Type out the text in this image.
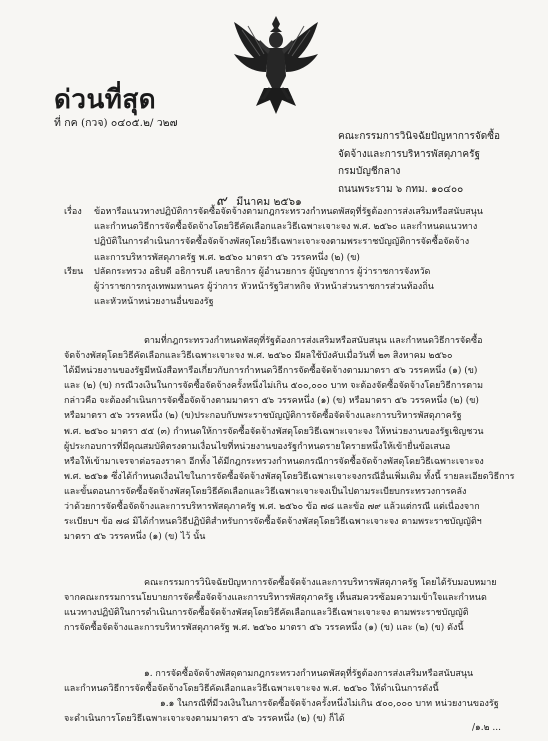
ด่วนที่สุด
ที่ กค (กวจ) ๐๔๐๕.๒/ ว๒๗
คณะกรรมการวินิจฉัยปัญหาการจัดซื้อ
จัดจ้างและการบริหารพัสดุภาครัฐ
กรมบัญชีกลาง
ถนนพระราม ๖ กทม. ๑๐๔๐๐
๙ มีนาคม ๒๕๖๑
เรื่อง ข้อหารือแนวทางปฏิบัติการจัดซื้อจัดจ้างตามกฎกระทรวงกำหนดพัสดุที่รัฐต้องการส่งเสริมหรือสนับสนุน
และกำหนดวิธีการจัดซื้อจัดจ้างโดยวิธีคัดเลือกและวิธีเฉพาะเจาะจง พ.ศ. ๒๕๖๐ และกำหนดแนวทาง
ปฏิบัติในการดำเนินการจัดซื้อจัดจ้างพัสดุโดยวิธีเฉพาะเจาะจงตามพระราชบัญญัติการจัดซื้อจัดจ้าง
และการบริหารพัสดุภาครัฐ พ.ศ. ๒๕๖๐ มาตรา ๕๖ วรรคหนึ่ง (๒) (ข)
เรียน ปลัดกระทรวง อธิบดี อธิการบดี เลขาธิการ ผู้อำนวยการ ผู้บัญชาการ ผู้ว่าราชการจังหวัด
ผู้ว่าราชการกรุงเทพมหานคร ผู้ว่าการ หัวหน้ารัฐวิสาหกิจ หัวหน้าส่วนราชการส่วนท้องถิ่น
และหัวหน้าหน่วยงานอื่นของรัฐ
ตามที่กฎกระทรวงกำหนดพัสดุที่รัฐต้องการส่งเสริมหรือสนับสนุน และกำหนดวิธีการจัดซื้อ
จัดจ้างพัสดุโดยวิธีคัดเลือกและวิธีเฉพาะเจาะจง พ.ศ. ๒๕๖๐ มีผลใช้บังคับเมื่อวันที่ ๒๓ สิงหาคม ๒๕๖๐
ได้มีหน่วยงานของรัฐมีหนังสือหารือเกี่ยวกับการกำหนดวิธีการจัดซื้อจัดจ้างตามมาตรา ๕๖ วรรคหนึ่ง (๑) (ข)
และ (๒) (ข) กรณีวงเงินในการจัดซื้อจัดจ้างครั้งหนึ่งไม่เกิน ๕๐๐,๐๐๐ บาท จะต้องจัดซื้อจัดจ้างโดยวิธีการตาม
กล่าวคือ จะต้องดำเนินการจัดซื้อจัดจ้างตามมาตรา ๕๖ วรรคหนึ่ง (๑) (ข) หรือมาตรา ๕๖ วรรคหนึ่ง (๒) (ข)
หรือมาตรา ๕๖ วรรคหนึ่ง (๒) (ข)ประกอบกับพระราชบัญญัติการจัดซื้อจัดจ้างและการบริหารพัสดุภาครัฐ
พ.ศ. ๒๕๖๐ มาตรา ๕๕ (๓) กำหนดให้การจัดซื้อจัดจ้างพัสดุโดยวิธีเฉพาะเจาะจง ให้หน่วยงานของรัฐเชิญชวน
ผู้ประกอบการที่มีคุณสมบัติตรงตามเงื่อนไขที่หน่วยงานของรัฐกำหนดรายใดรายหนึ่งให้เข้ายื่นข้อเสนอ
หรือให้เข้ามาเจรจาต่อรองราคา อีกทั้ง ได้มีกฎกระทรวงกำหนดกรณีการจัดซื้อจัดจ้างพัสดุโดยวิธีเฉพาะเจาะจง
พ.ศ. ๒๕๖๑ ซึ่งได้กำหนดเงื่อนไขในการจัดซื้อจัดจ้างพัสดุโดยวิธีเฉพาะเจาะจงกรณีอื่นเพิ่มเติม ทั้งนี้ รายละเอียดวิธีการ
และขั้นตอนการจัดซื้อจัดจ้างพัสดุโดยวิธีคัดเลือกและวิธีเฉพาะเจาะจงเป็นไปตามระเบียบกระทรวงการคลัง
ว่าด้วยการจัดซื้อจัดจ้างและการบริหารพัสดุภาครัฐ พ.ศ. ๒๕๖๐ ข้อ ๗๘ และข้อ ๗๙ แล้วแต่กรณี แต่เนื่องจาก
ระเบียบฯ ข้อ ๗๘ มิได้กำหนดวิธีปฏิบัติสำหรับการจัดซื้อจัดจ้างพัสดุโดยวิธีเฉพาะเจาะจง ตามพระราชบัญญัติฯ
มาตรา ๕๖ วรรคหนึ่ง (๑) (ข) ไว้ นั้น
คณะกรรมการวินิจฉัยปัญหาการจัดซื้อจัดจ้างและการบริหารพัสดุภาครัฐ โดยได้รับมอบหมาย
จากคณะกรรมการนโยบายการจัดซื้อจัดจ้างและการบริหารพัสดุภาครัฐ เห็นสมควรซ้อมความเข้าใจและกำหนด
แนวทางปฏิบัติในการดำเนินการจัดซื้อจัดจ้างพัสดุโดยวิธีคัดเลือกและวิธีเฉพาะเจาะจง ตามพระราชบัญญัติ
การจัดซื้อจัดจ้างและการบริหารพัสดุภาครัฐ พ.ศ. ๒๕๖๐ มาตรา ๕๖ วรรคหนึ่ง (๑) (ข) และ (๒) (ข) ดังนี้
๑. การจัดซื้อจัดจ้างพัสดุตามกฎกระทรวงกำหนดพัสดุที่รัฐต้องการส่งเสริมหรือสนับสนุน
และกำหนดวิธีการจัดซื้อจัดจ้างโดยวิธีคัดเลือกและวิธีเฉพาะเจาะจง พ.ศ. ๒๕๖๐ ให้ดำเนินการดังนี้
๑.๑ ในกรณีที่มีวงเงินในการจัดซื้อจัดจ้างครั้งหนึ่งไม่เกิน ๕๐๐,๐๐๐ บาท หน่วยงานของรัฐ
จะดำเนินการโดยวิธีเฉพาะเจาะจงตามมาตรา ๕๖ วรรคหนึ่ง (๒) (ข) ก็ได้
/๑.๒ ...
